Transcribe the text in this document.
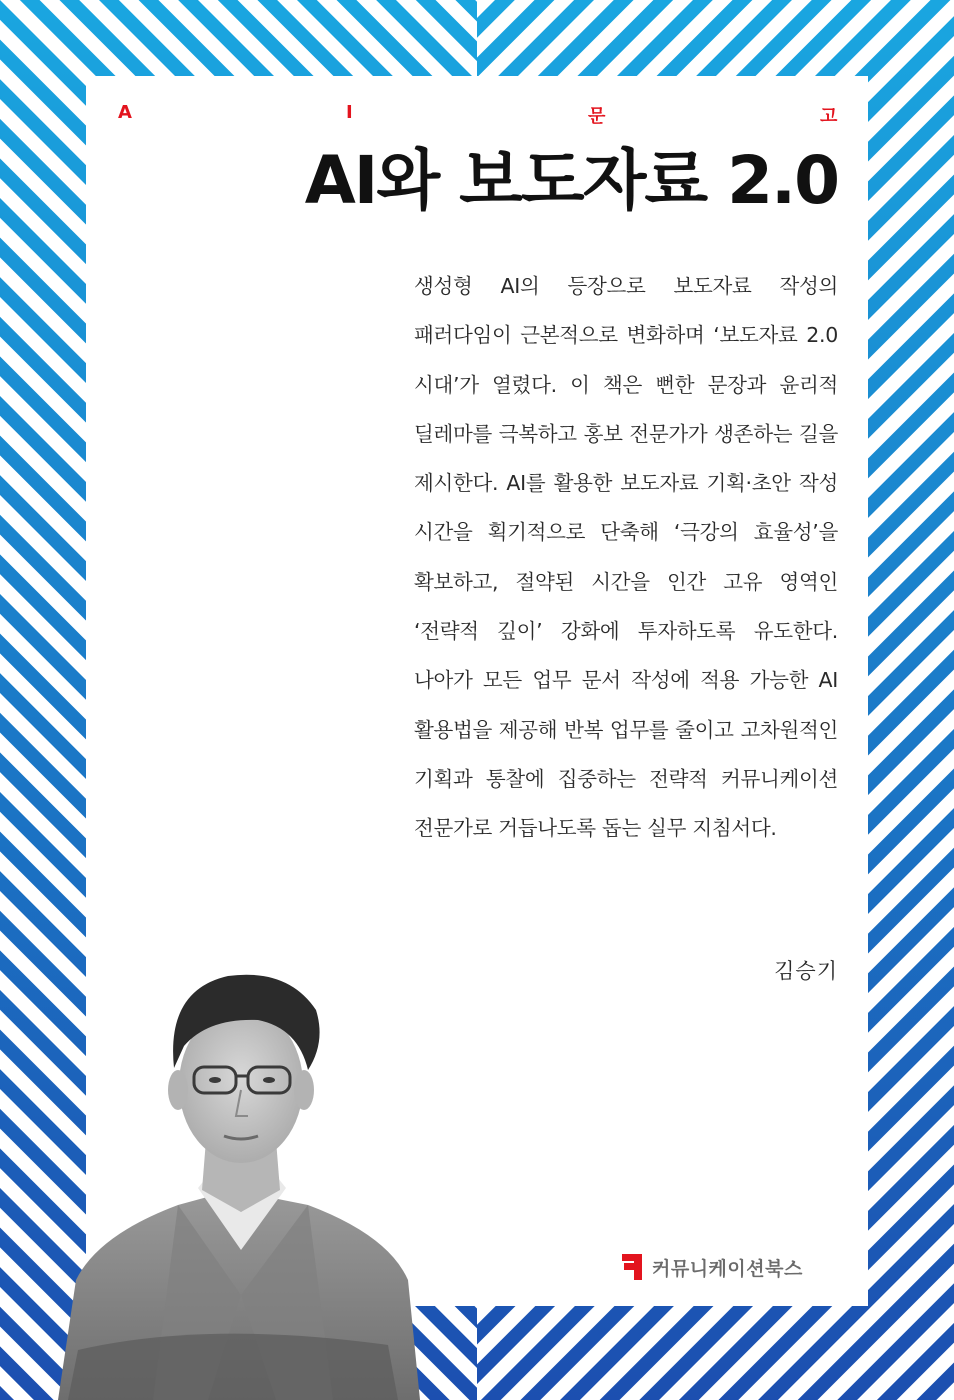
A	I	문	고
AI와 보도자료 2.0

생성형 AI의 등장으로 보도자료 작성의 패러다임이 근본적으로 변화하며 ‘보도자료 2.0 시대’가 열렸다. 이 책은 뻔한 문장과 윤리적 딜레마를 극복하고 홍보 전문가가 생존하는 길을 제시한다. AI를 활용한 보도자료 기획·초안 작성 시간을 획기적으로 단축해 ‘극강의 효율성’을 확보하고, 절약된 시간을 인간 고유 영역인 ‘전략적 깊이’ 강화에 투자하도록 유도한다. 나아가 모든 업무 문서 작성에 적용 가능한 AI 활용법을 제공해 반복 업무를 줄이고 고차원적인 기획과 통찰에 집중하는 전략적 커뮤니케이션 전문가로 거듭나도록 돕는 실무 지침서다.

김승기
커뮤니케이션북스
